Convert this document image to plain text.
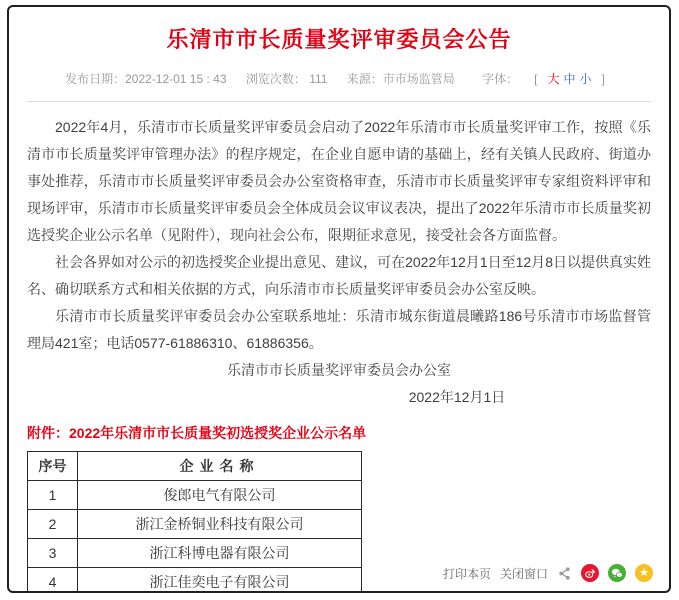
乐清市市长质量奖评审委员会公告
发布日期：2022-12-01 15 : 43 浏览次数： 111 来源：市市场监管局 字体： [ 大 中 小 ]

2022年4月，乐清市市长质量奖评审委员会启动了2022年乐清市市长质量奖评审工作，按照《乐清市市长质量奖评审管理办法》的程序规定，在企业自愿申请的基础上，经有关镇人民政府、街道办事处推荐，乐清市市长质量奖评审委员会办公室资格审查，乐清市市长质量奖评审专家组资料评审和现场评审，乐清市市长质量奖评审委员会全体成员会议审议表决，提出了2022年乐清市市长质量奖初选授奖企业公示名单（见附件），现向社会公布，限期征求意见，接受社会各方面监督。

社会各界如对公示的初选授奖企业提出意见、建议，可在2022年12月1日至12月8日以提供真实姓名、确切联系方式和相关依据的方式，向乐清市市长质量奖评审委员会办公室反映。

乐清市市长质量奖评审委员会办公室联系地址：乐清市城东街道晨曦路186号乐清市市场监督管理局421室；电话0577-61886310、61886356。

乐清市市长质量奖评审委员会办公室

2022年12月1日

附件：2022年乐清市市长质量奖初选授奖企业公示名单
序号	企业名称
1	俊郎电气有限公司
2	浙江金桥铜业科技有限公司
3	浙江科博电器有限公司
4	浙江佳奕电子有限公司
打印本页 关闭窗口	★
